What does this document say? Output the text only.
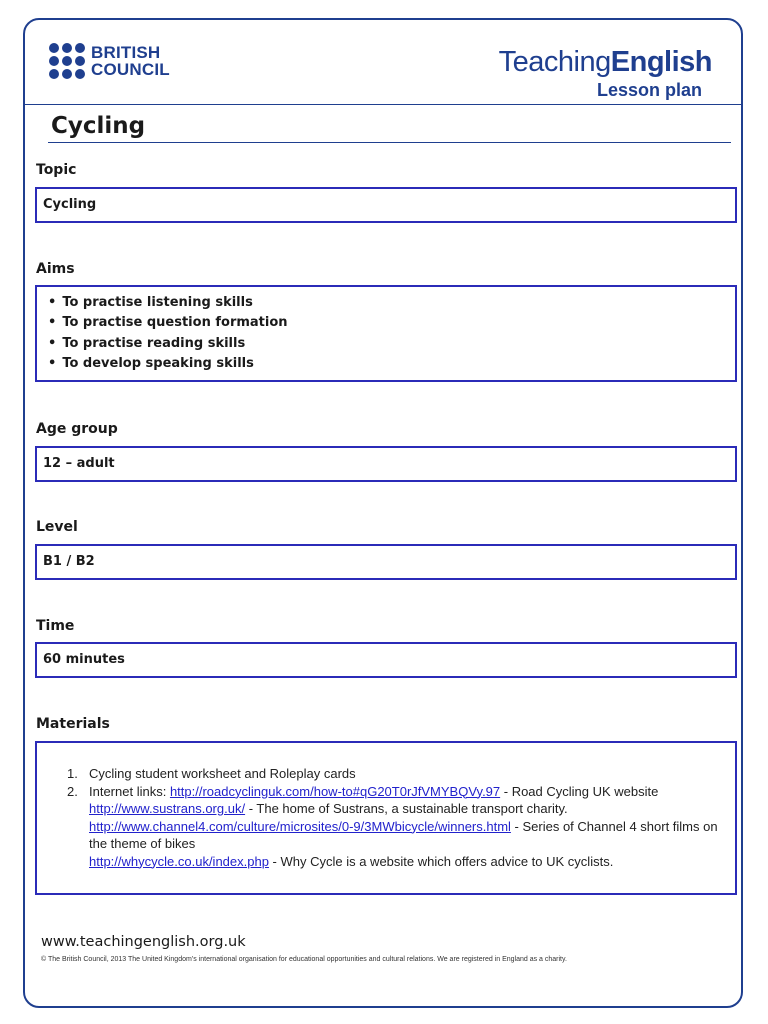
BRITISH
COUNCIL	TeachingEnglish
Lesson plan
Cycling
Topic
Cycling
Aims
• To practise listening skills
• To practise question formation
• To practise reading skills
• To develop speaking skills
Age group
12 – adult
Level
B1 / B2
Time
60 minutes
Materials
1. Cycling student worksheet and Roleplay cards
2. Internet links: http://roadcyclinguk.com/how-to#qG20T0rJfVMYBQVy.97 - Road Cycling UK website
http://www.sustrans.org.uk/ - The home of Sustrans, a sustainable transport charity.
http://www.channel4.com/culture/microsites/0-9/3MWbicycle/winners.html - Series of Channel 4 short films on the theme of bikes
http://whycycle.co.uk/index.php - Why Cycle is a website which offers advice to UK cyclists.
www.teachingenglish.org.uk
© The British Council, 2013 The United Kingdom’s international organisation for educational opportunities and cultural relations. We are registered in England as a charity.
